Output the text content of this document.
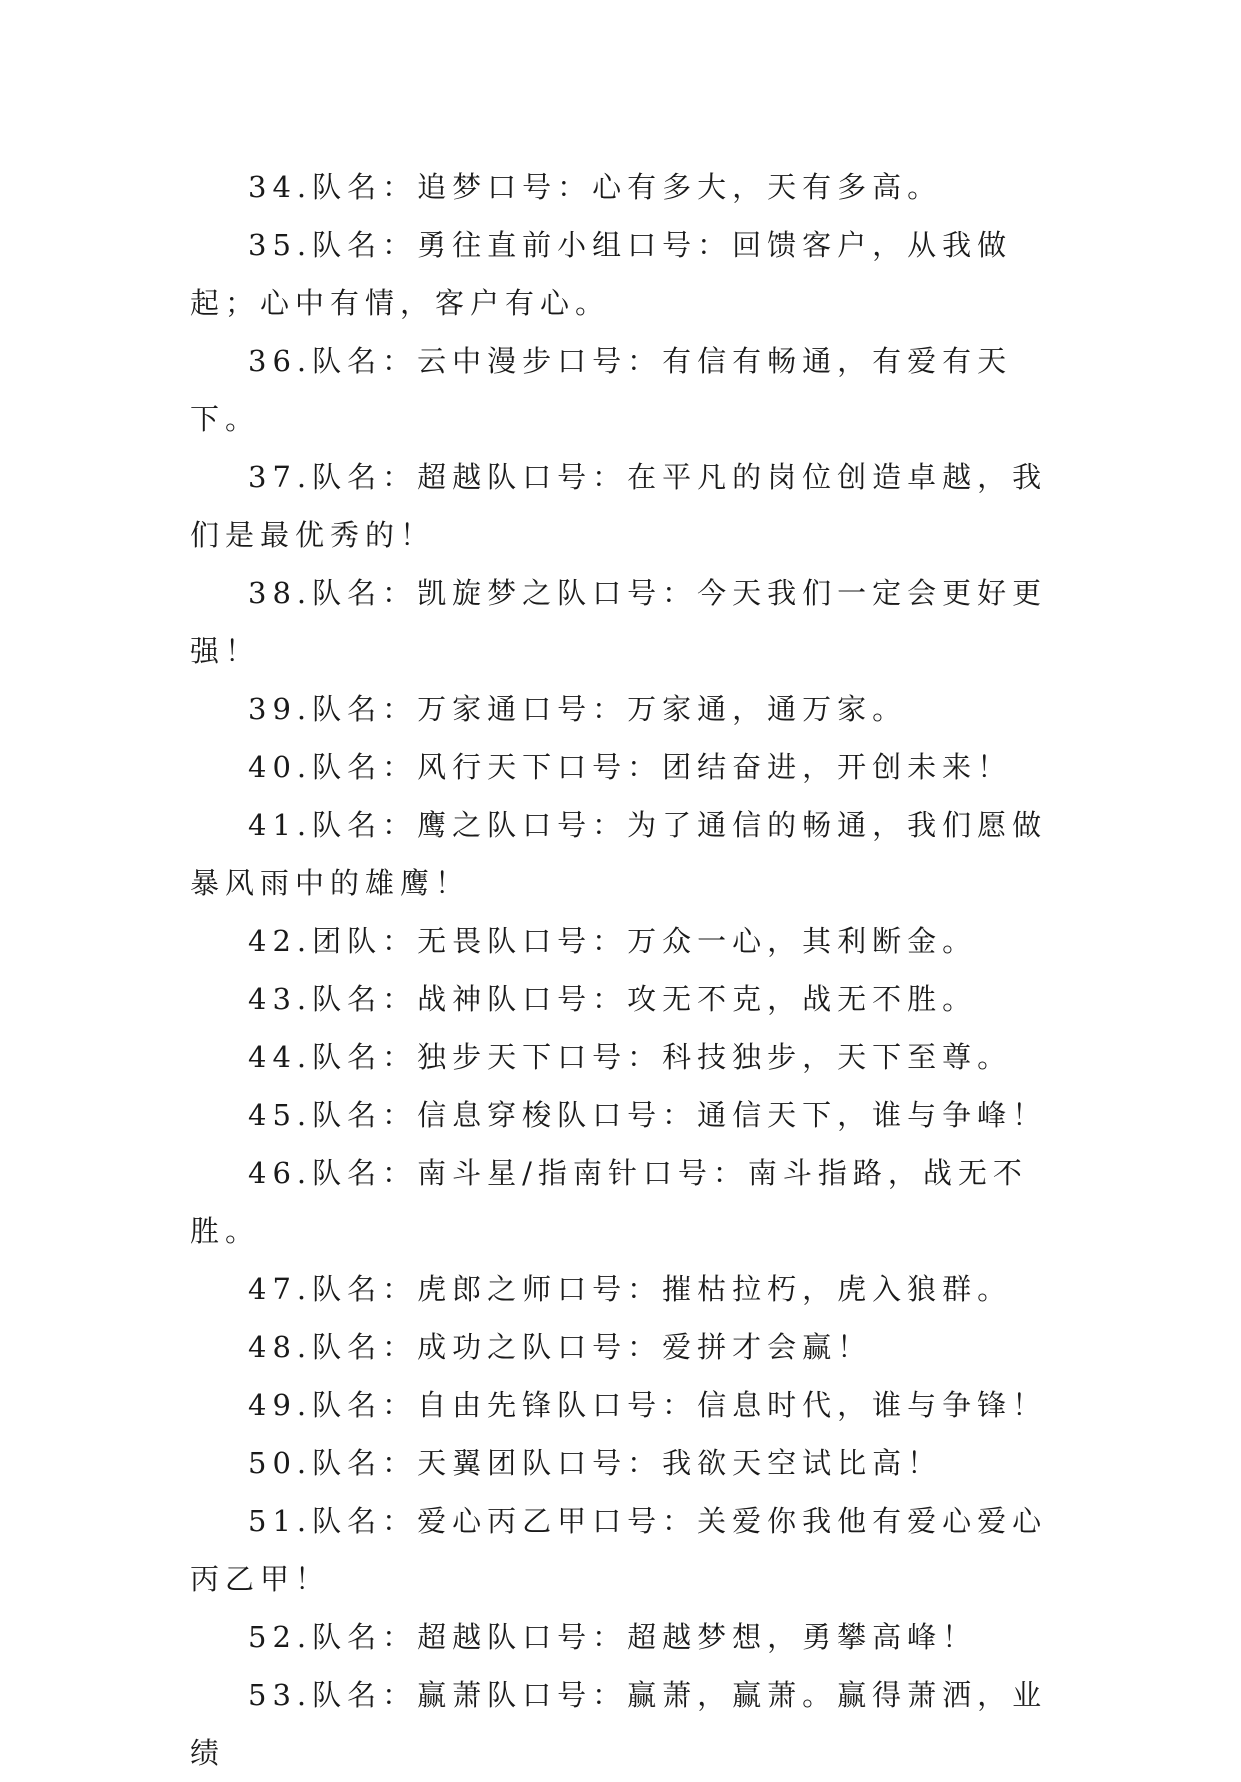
34.队名：追梦口号：心有多大，天有多高。

35.队名：勇往直前小组口号：回馈客户，从我做起；心中有情，客户有心。

36.队名：云中漫步口号：有信有畅通，有爱有天下。

37.队名：超越队口号：在平凡的岗位创造卓越，我们是最优秀的！

38.队名：凯旋梦之队口号：今天我们一定会更好更强！

39.队名：万家通口号：万家通，通万家。

40.队名：风行天下口号：团结奋进，开创未来！

41.队名：鹰之队口号：为了通信的畅通，我们愿做暴风雨中的雄鹰！

42.团队：无畏队口号：万众一心，其利断金。

43.队名：战神队口号：攻无不克，战无不胜。

44.队名：独步天下口号：科技独步，天下至尊。

45.队名：信息穿梭队口号：通信天下，谁与争峰！

46.队名：南斗星/指南针口号：南斗指路，战无不胜。

47.队名：虎郎之师口号：摧枯拉朽，虎入狼群。

48.队名：成功之队口号：爱拼才会赢！

49.队名：自由先锋队口号：信息时代，谁与争锋！

50.队名：天翼团队口号：我欲天空试比高！

51.队名：爱心丙乙甲口号：关爱你我他有爱心爱心丙乙甲！

52.队名：超越队口号：超越梦想，勇攀高峰！

53.队名：赢萧队口号：赢萧，赢萧。赢得萧洒，业绩
